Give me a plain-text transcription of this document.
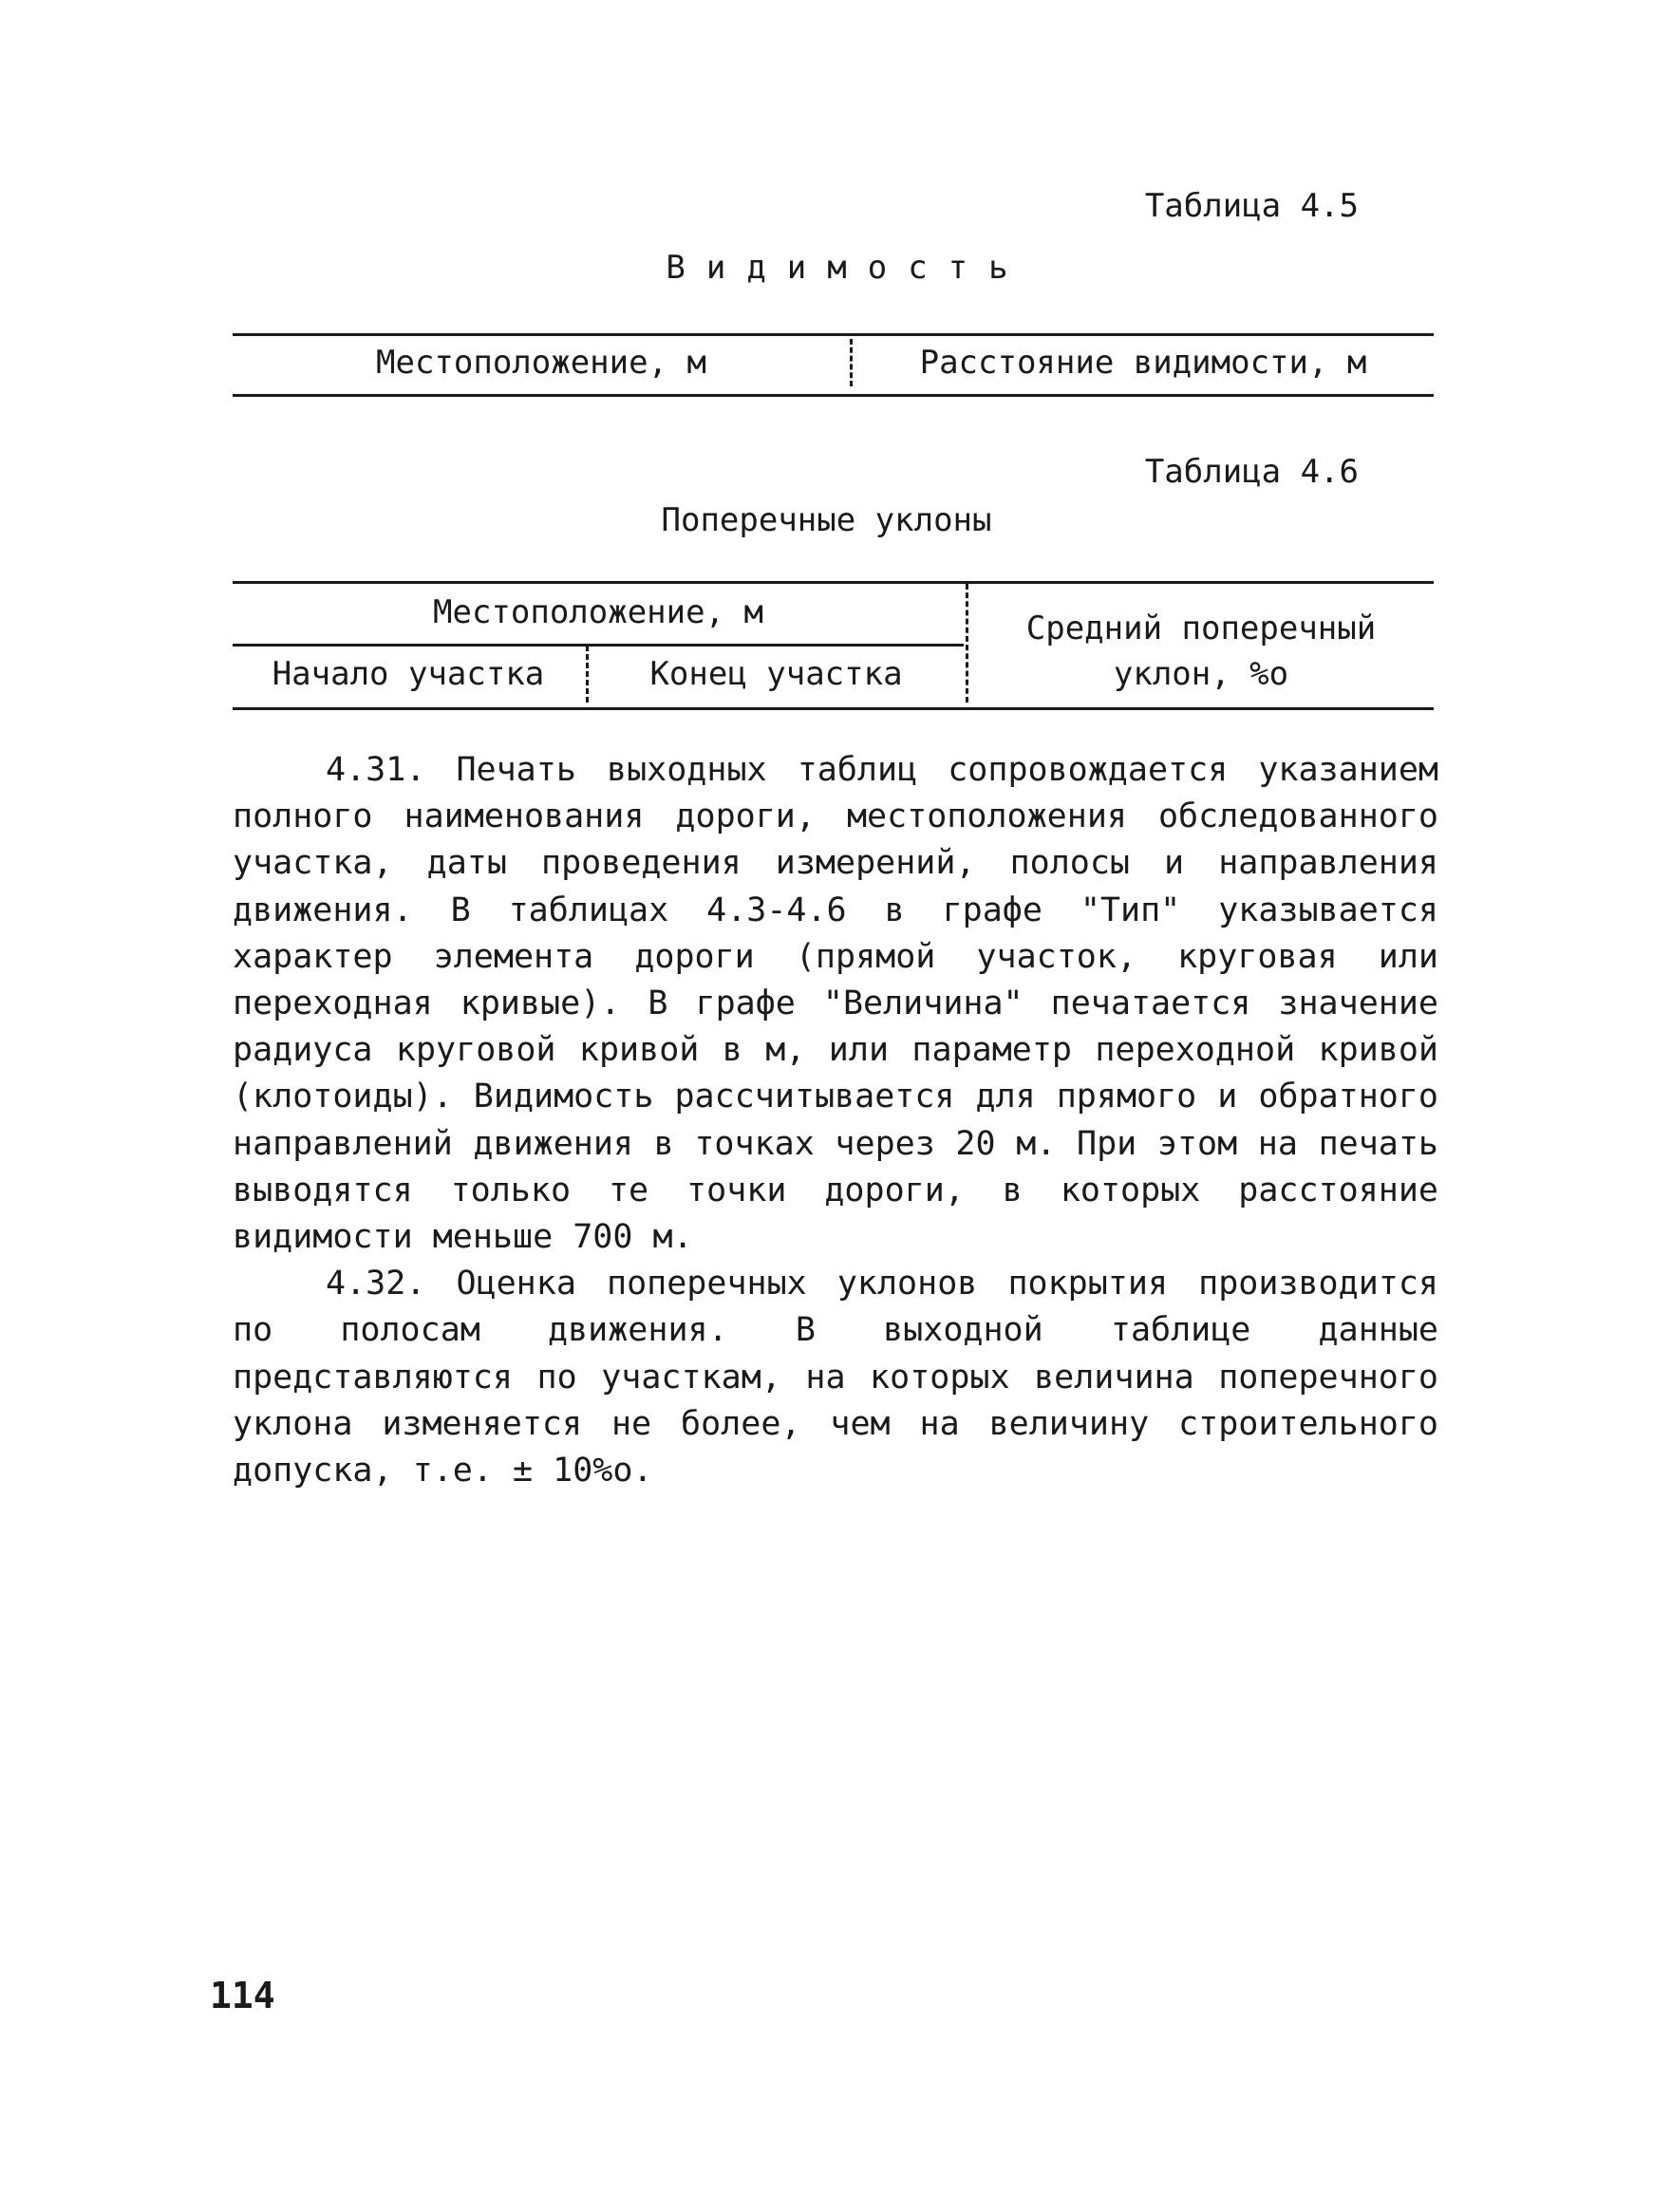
Таблица 4.5
Видимость
Местоположение, м	Расстояние видимости, м
Таблица 4.6
Поперечные уклоны
Местоположение, м
Начало участка	Конец участка
Средний поперечный
уклон, %о

4.31. Печать выходных таблиц сопровождается указанием полного наименования дороги, местоположения обследованного участка, даты проведения измерений, полосы и направления движения. В таблицах 4.3-4.6 в графе "Тип" указывается характер элемента дороги (прямой участок, круговая или переходная кривые). В графе "Величина" печатается значение радиуса круговой кривой в м, или параметр переходной кривой (клотоиды). Видимость рассчитывается для прямого и обратного направлений движения в точках через 20 м. При этом на печать выводятся только те точки дороги, в которых расстояние видимости меньше 700 м.

4.32. Оценка поперечных уклонов покрытия производится по полосам движения. В выходной таблице данные представляются по участкам, на которых величина поперечного уклона изменяется не более, чем на величину строительного допуска, т.е. ± 10%о.

114
